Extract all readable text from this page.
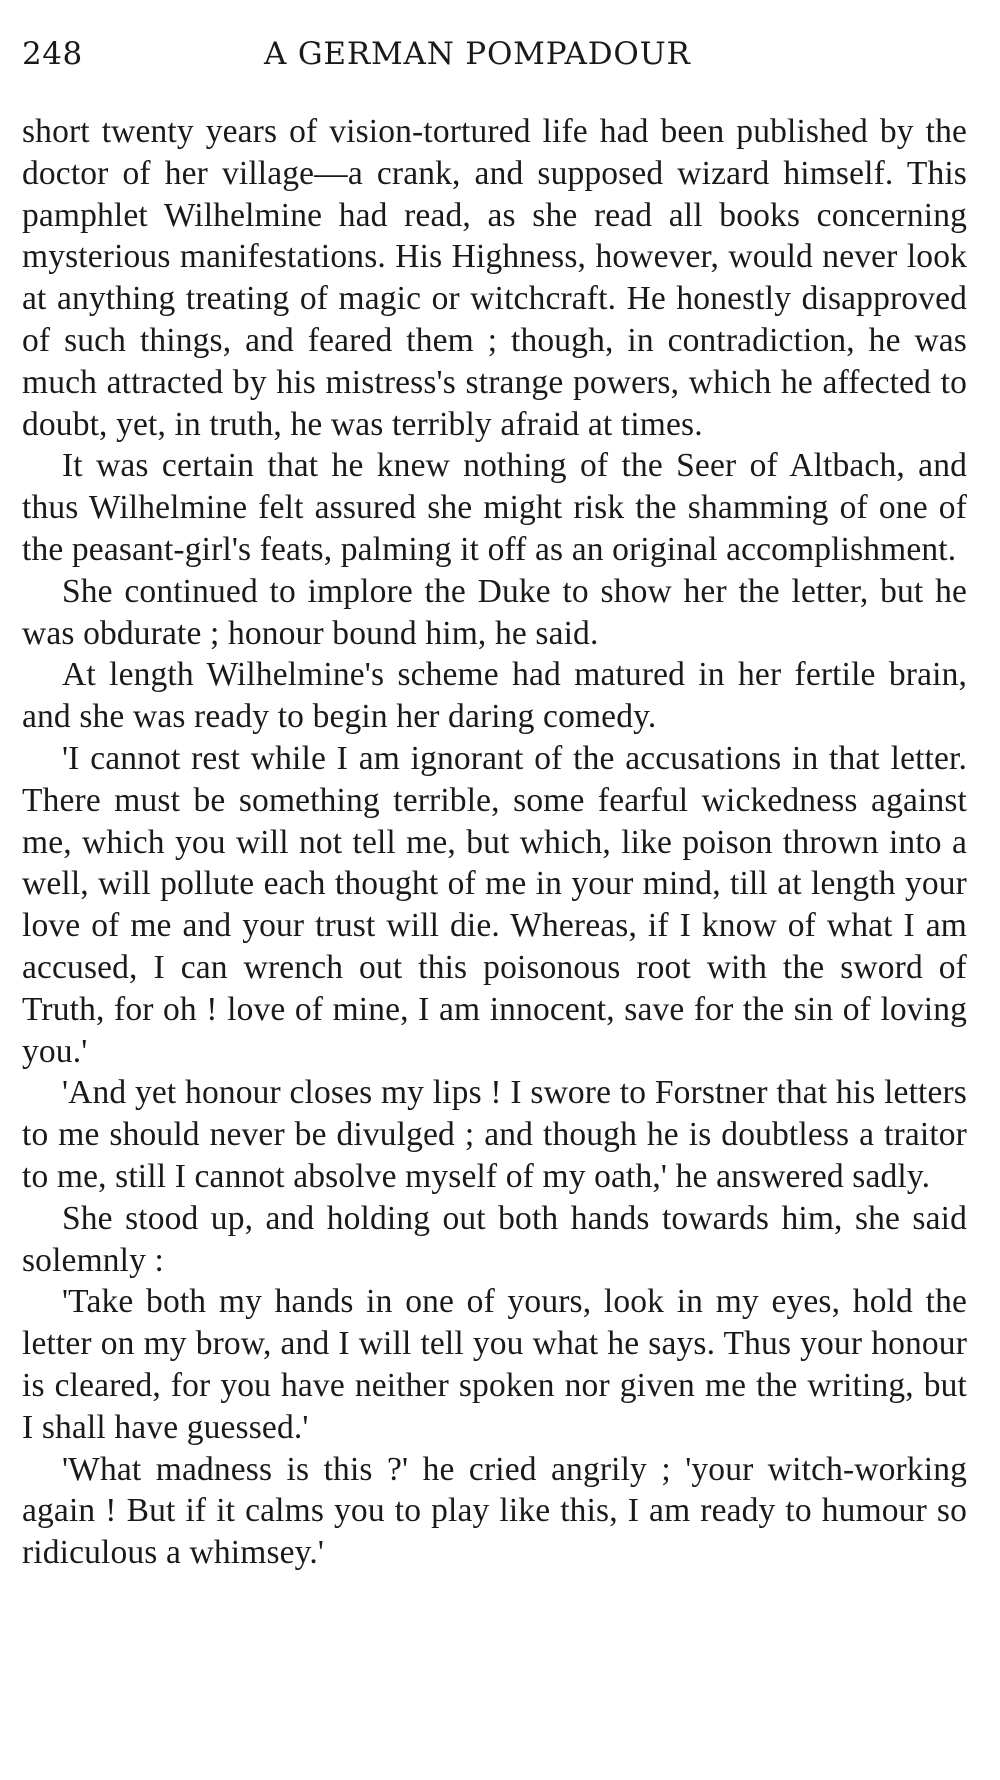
248	A GERMAN POMPADOUR

short twenty years of vision-tortured life had been published by the doctor of her village—a crank, and supposed wizard himself. This pamphlet Wilhelmine had read, as she read all books concerning mysterious manifestations. His Highness, however, would never look at anything treating of magic or witchcraft. He honestly disapproved of such things, and feared them ; though, in contradiction, he was much attracted by his mistress's strange powers, which he affected to doubt, yet, in truth, he was terribly afraid at times.

It was certain that he knew nothing of the Seer of Altbach, and thus Wilhelmine felt assured she might risk the shamming of one of the peasant-girl's feats, palming it off as an original accomplishment.

She continued to implore the Duke to show her the letter, but he was obdurate ; honour bound him, he said.

At length Wilhelmine's scheme had matured in her fertile brain, and she was ready to begin her daring comedy.

'I cannot rest while I am ignorant of the accusations in that letter. There must be something terrible, some fearful wickedness against me, which you will not tell me, but which, like poison thrown into a well, will pollute each thought of me in your mind, till at length your love of me and your trust will die. Whereas, if I know of what I am accused, I can wrench out this poisonous root with the sword of Truth, for oh ! love of mine, I am innocent, save for the sin of loving you.'

'And yet honour closes my lips ! I swore to Forstner that his letters to me should never be divulged ; and though he is doubtless a traitor to me, still I cannot absolve myself of my oath,' he answered sadly.

She stood up, and holding out both hands towards him, she said solemnly :

'Take both my hands in one of yours, look in my eyes, hold the letter on my brow, and I will tell you what he says. Thus your honour is cleared, for you have neither spoken nor given me the writing, but I shall have guessed.'

'What madness is this ?' he cried angrily ; 'your witch-working again ! But if it calms you to play like this, I am ready to humour so ridiculous a whimsey.'
